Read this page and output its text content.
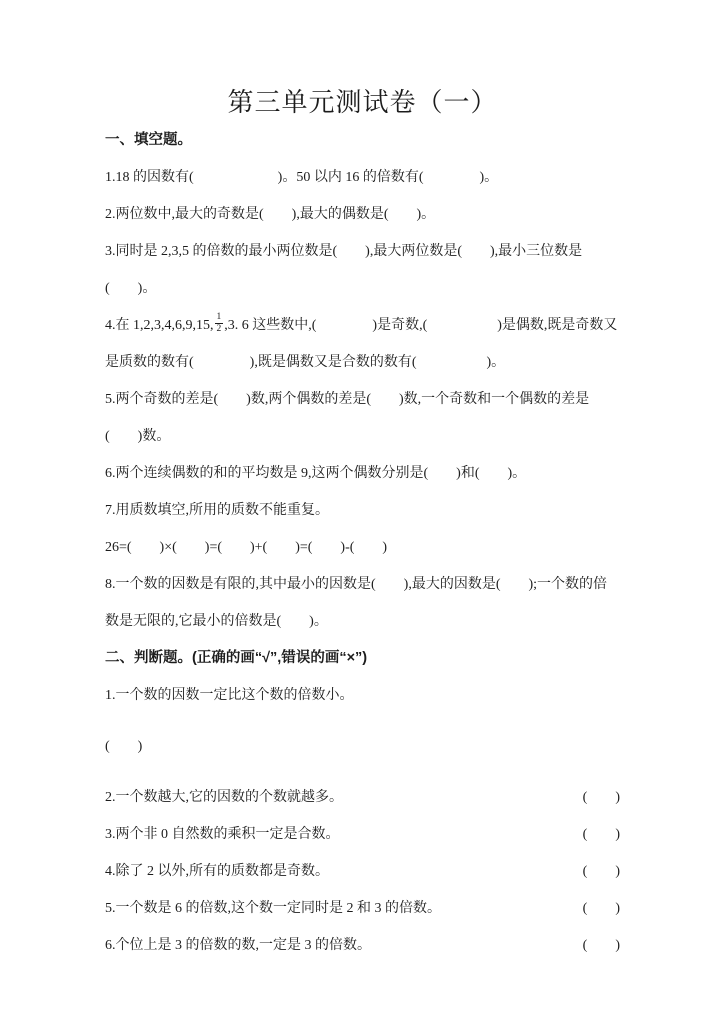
第三单元测试卷（一）

一、填空题。

1.18 的因数有(　　　　　　)。50 以内 16 的倍数有(　　　　)。

2.两位数中,最大的奇数是(　　),最大的偶数是(　　)。

3.同时是 2,3,5 的倍数的最小两位数是(　　),最大两位数是(　　),最小三位数是(　　)。

4.在 1,2,3,4,6,9,15, $\frac{1}{2} ,3$. 6 这些数中,(　　　　)是奇数,(　　　　　)是偶数,既是奇数又是质数的数有(　　　　),既是偶数又是合数的数有(　　　　　)。

5.两个奇数的差是(　　)数,两个偶数的差是(　　)数,一个奇数和一个偶数的差是(　　)数。

6.两个连续偶数的和的平均数是 9,这两个偶数分别是(　　)和(　　)。

7.用质数填空,所用的质数不能重复。

26=(　　)×(　　)=(　　)+(　　)=(　　)-(　　)

8.一个数的因数是有限的,其中最小的因数是(　　),最大的因数是(　　);一个数的倍数是无限的,它最小的倍数是(　　)。

二、判断题。(正确的画“√”,错误的画“×”)

1.一个数的因数一定比这个数的倍数小。

(　　)

2.一个数越大,它的因数的个数就越多。	(　　)
3.两个非 0 自然数的乘积一定是合数。	(　　)
4.除了 2 以外,所有的质数都是奇数。	(　　)
5.一个数是 6 的倍数,这个数一定同时是 2 和 3 的倍数。	(　　)
6.个位上是 3 的倍数的数,一定是 3 的倍数。	(　　)
